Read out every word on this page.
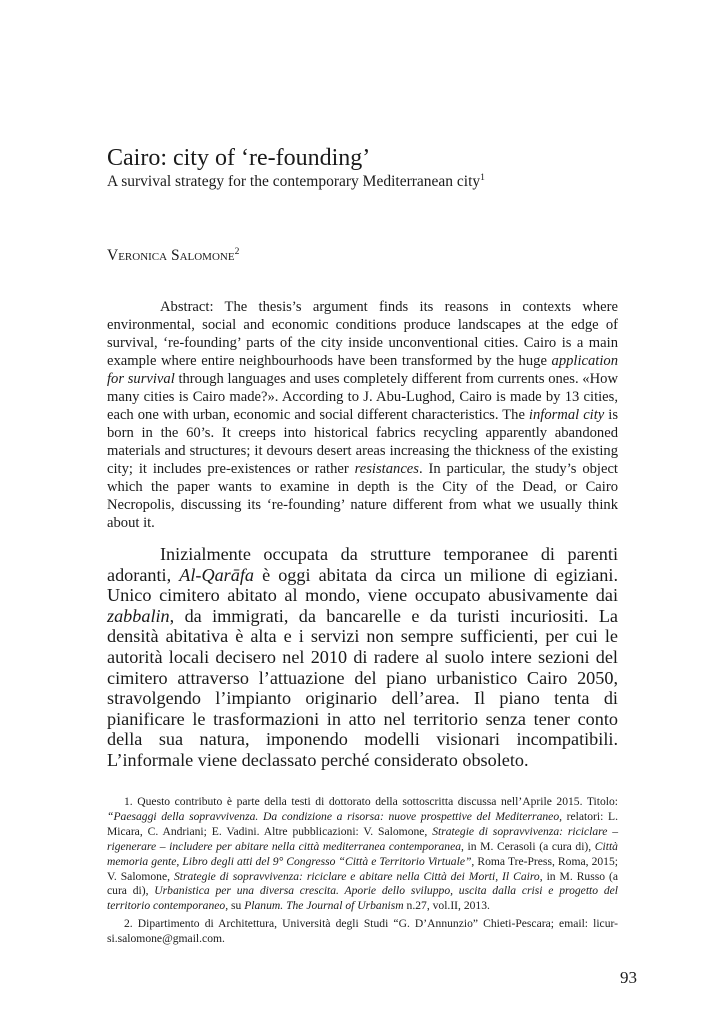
Cairo: city of ‘re-founding’

A survival strategy for the contemporary Mediterranean city$^1$

Veronica Salomone$^2$

Abstract: The thesis’s argument finds its reasons in contexts where environmental, social and economic conditions produce landscapes at the edge of survival, ‘re-founding’ parts of the city inside unconventional cities. Cairo is a main example where entire neighbourhoods have been transformed by the huge application for survival through languages and uses completely different from currents ones. «How many cities is Cairo made?». According to J. Abu-Lughod, Cairo is made by 13 cities, each one with urban, economic and social different characteristics. The informal city is born in the 60’s. It creeps into historical fabrics recycling apparently abandoned materials and structures; it devours desert areas increasing the thickness of the existing city; it includes pre-existences or rather resistances. In particular, the study’s object which the paper wants to examine in depth is the City of the Dead, or Cairo Necropolis, discussing its ‘re-founding’ nature different from what we usually think about it.

Inizialmente occupata da strutture temporanee di parenti adoranti, Al-Qarāfa è oggi abitata da circa un milione di egiziani. Unico cimitero abitato al mondo, viene occupato abusivamente dai zabbalin, da immigrati, da bancarelle e da turisti incuriositi. La densità abitativa è alta e i servizi non sempre sufficienti, per cui le autorità locali decisero nel 2010 di radere al suolo intere sezioni del cimitero attraverso l’attuazione del piano urbanistico Cairo 2050, stravolgendo l’impianto originario dell’area. Il piano tenta di pianificare le trasformazioni in atto nel territorio senza tener conto della sua natura, imponendo modelli visionari incompatibili. L’informale viene declassato perché considerato obsoleto.

1. Questo contributo è parte della testi di dottorato della sottoscritta discussa nell’Aprile 2015. Titolo: “Paesaggi della sopravvivenza. Da condizione a risorsa: nuove prospettive del Mediterraneo, relatori: L. Micara, C. Andriani; E. Vadini. Altre pubblicazioni: V. Salomone, Strategie di sopravvivenza: riciclare – rigenerare – includere per abitare nella città mediterranea contemporanea, in M. Cerasoli (a cura di), Città memoria gente, Libro degli atti del 9° Congresso “Città e Territorio Virtuale”, Roma Tre-Press, Roma, 2015; V. Salomone, Strategie di sopravvivenza: riciclare e abitare nella Città dei Morti, Il Cairo, in M. Russo (a cura di), Urbanistica per una diversa crescita. Aporie dello sviluppo, uscita dalla crisi e progetto del territorio contemporaneo, su Planum. The Journal of Urbanism n.27, vol.II, 2013.

2. Dipartimento di Architettura, Università degli Studi “G. D’Annunzio” Chieti-Pescara; email: licur-si.salomone@gmail.com.

93
